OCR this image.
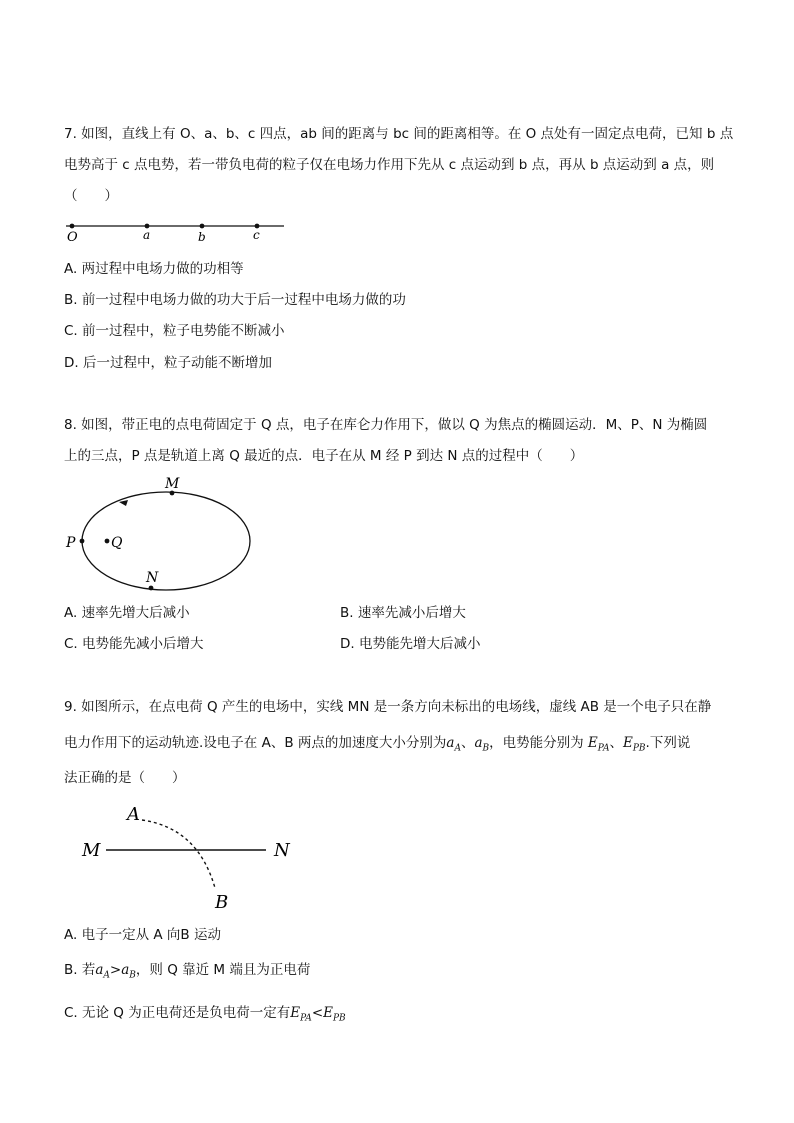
7. 如图，直线上有 O、a、b、c 四点，ab 间的距离与 bc 间的距离相等。在 O 点处有一固定点电荷，已知 b 点
电势高于 c 点电势，若一带负电荷的粒子仅在电场力作用下先从 c 点运动到 b 点，再从 b 点运动到 a 点，则
（　　）
O	a	b	c
A. 两过程中电场力做的功相等
B. 前一过程中电场力做的功大于后一过程中电场力做的功
C. 前一过程中，粒子电势能不断减小
D. 后一过程中，粒子动能不断增加
8. 如图，带正电的点电荷固定于 Q 点，电子在库仑力作用下，做以 Q 为焦点的椭圆运动．M、P、N 为椭圆
上的三点，P 点是轨道上离 Q 最近的点．电子在从 M 经 P 到达 N 点的过程中（　　）
M
P	Q
N
A. 速率先增大后减小	B. 速率先减小后增大
C. 电势能先减小后增大	D. 电势能先增大后减小
9. 如图所示，在点电荷 Q 产生的电场中，实线 MN 是一条方向未标出的电场线，虚线 AB 是一个电子只在静
电力作用下的运动轨迹.设电子在 A、B 两点的加速度大小分别为$a_A$、$a_B$，电势能分别为 $E_{PA}$、$E_{PB}$.下列说
法正确的是（　　）
A
M	N
B
A. 电子一定从 A 向B 运动
B. 若$a_A>a_B$，则 Q 靠近 M 端且为正电荷
C. 无论 Q 为正电荷还是负电荷一定有$E_{PA}<E_{PB}$
